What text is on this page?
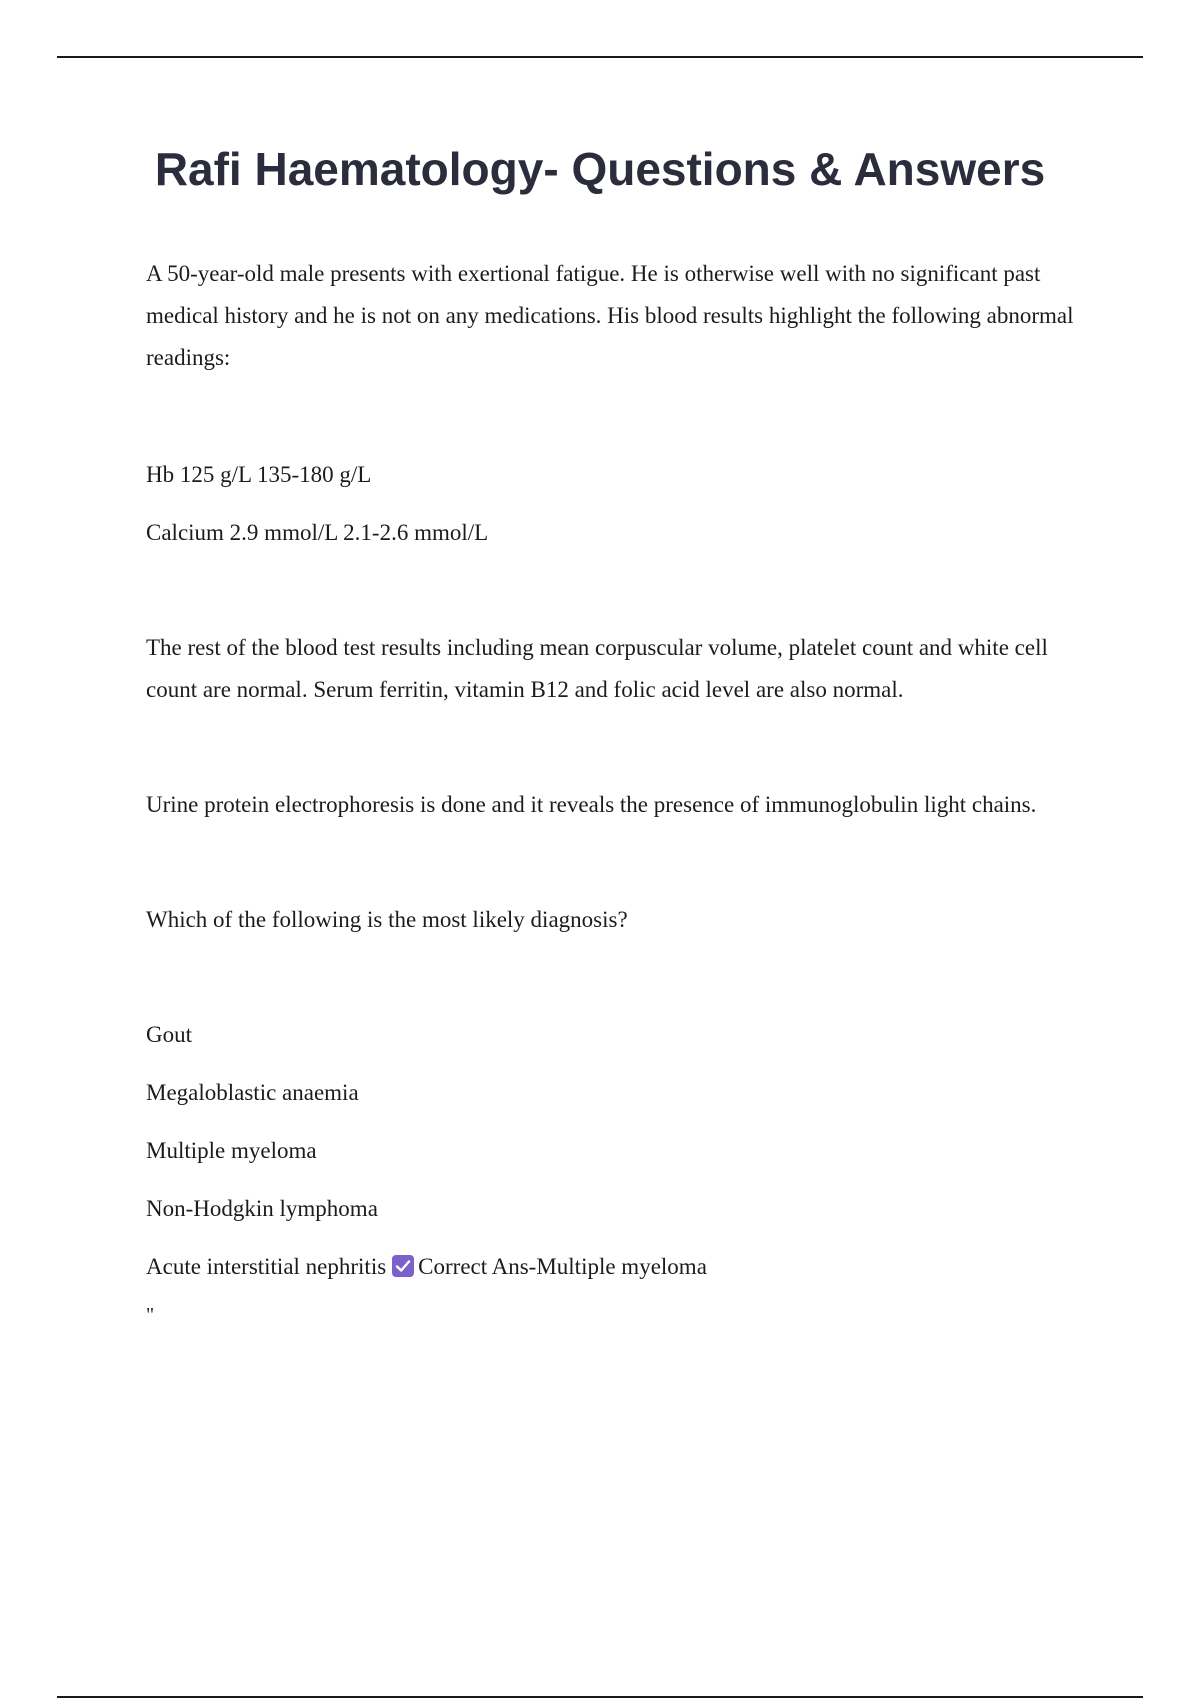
Rafi Haematology- Questions & Answers

A 50-year-old male presents with exertional fatigue. He is otherwise well with no significant past medical history and he is not on any medications. His blood results highlight the following abnormal readings:

Hb 125 g/L 135-180 g/L

Calcium 2.9 mmol/L 2.1-2.6 mmol/L

The rest of the blood test results including mean corpuscular volume, platelet count and white cell count are normal. Serum ferritin, vitamin B12 and folic acid level are also normal.

Urine protein electrophoresis is done and it reveals the presence of immunoglobulin light chains.

Which of the following is the most likely diagnosis?

Gout

Megaloblastic anaemia

Multiple myeloma

Non-Hodgkin lymphoma

Acute interstitial nephritis Correct Ans-Multiple myeloma

"
